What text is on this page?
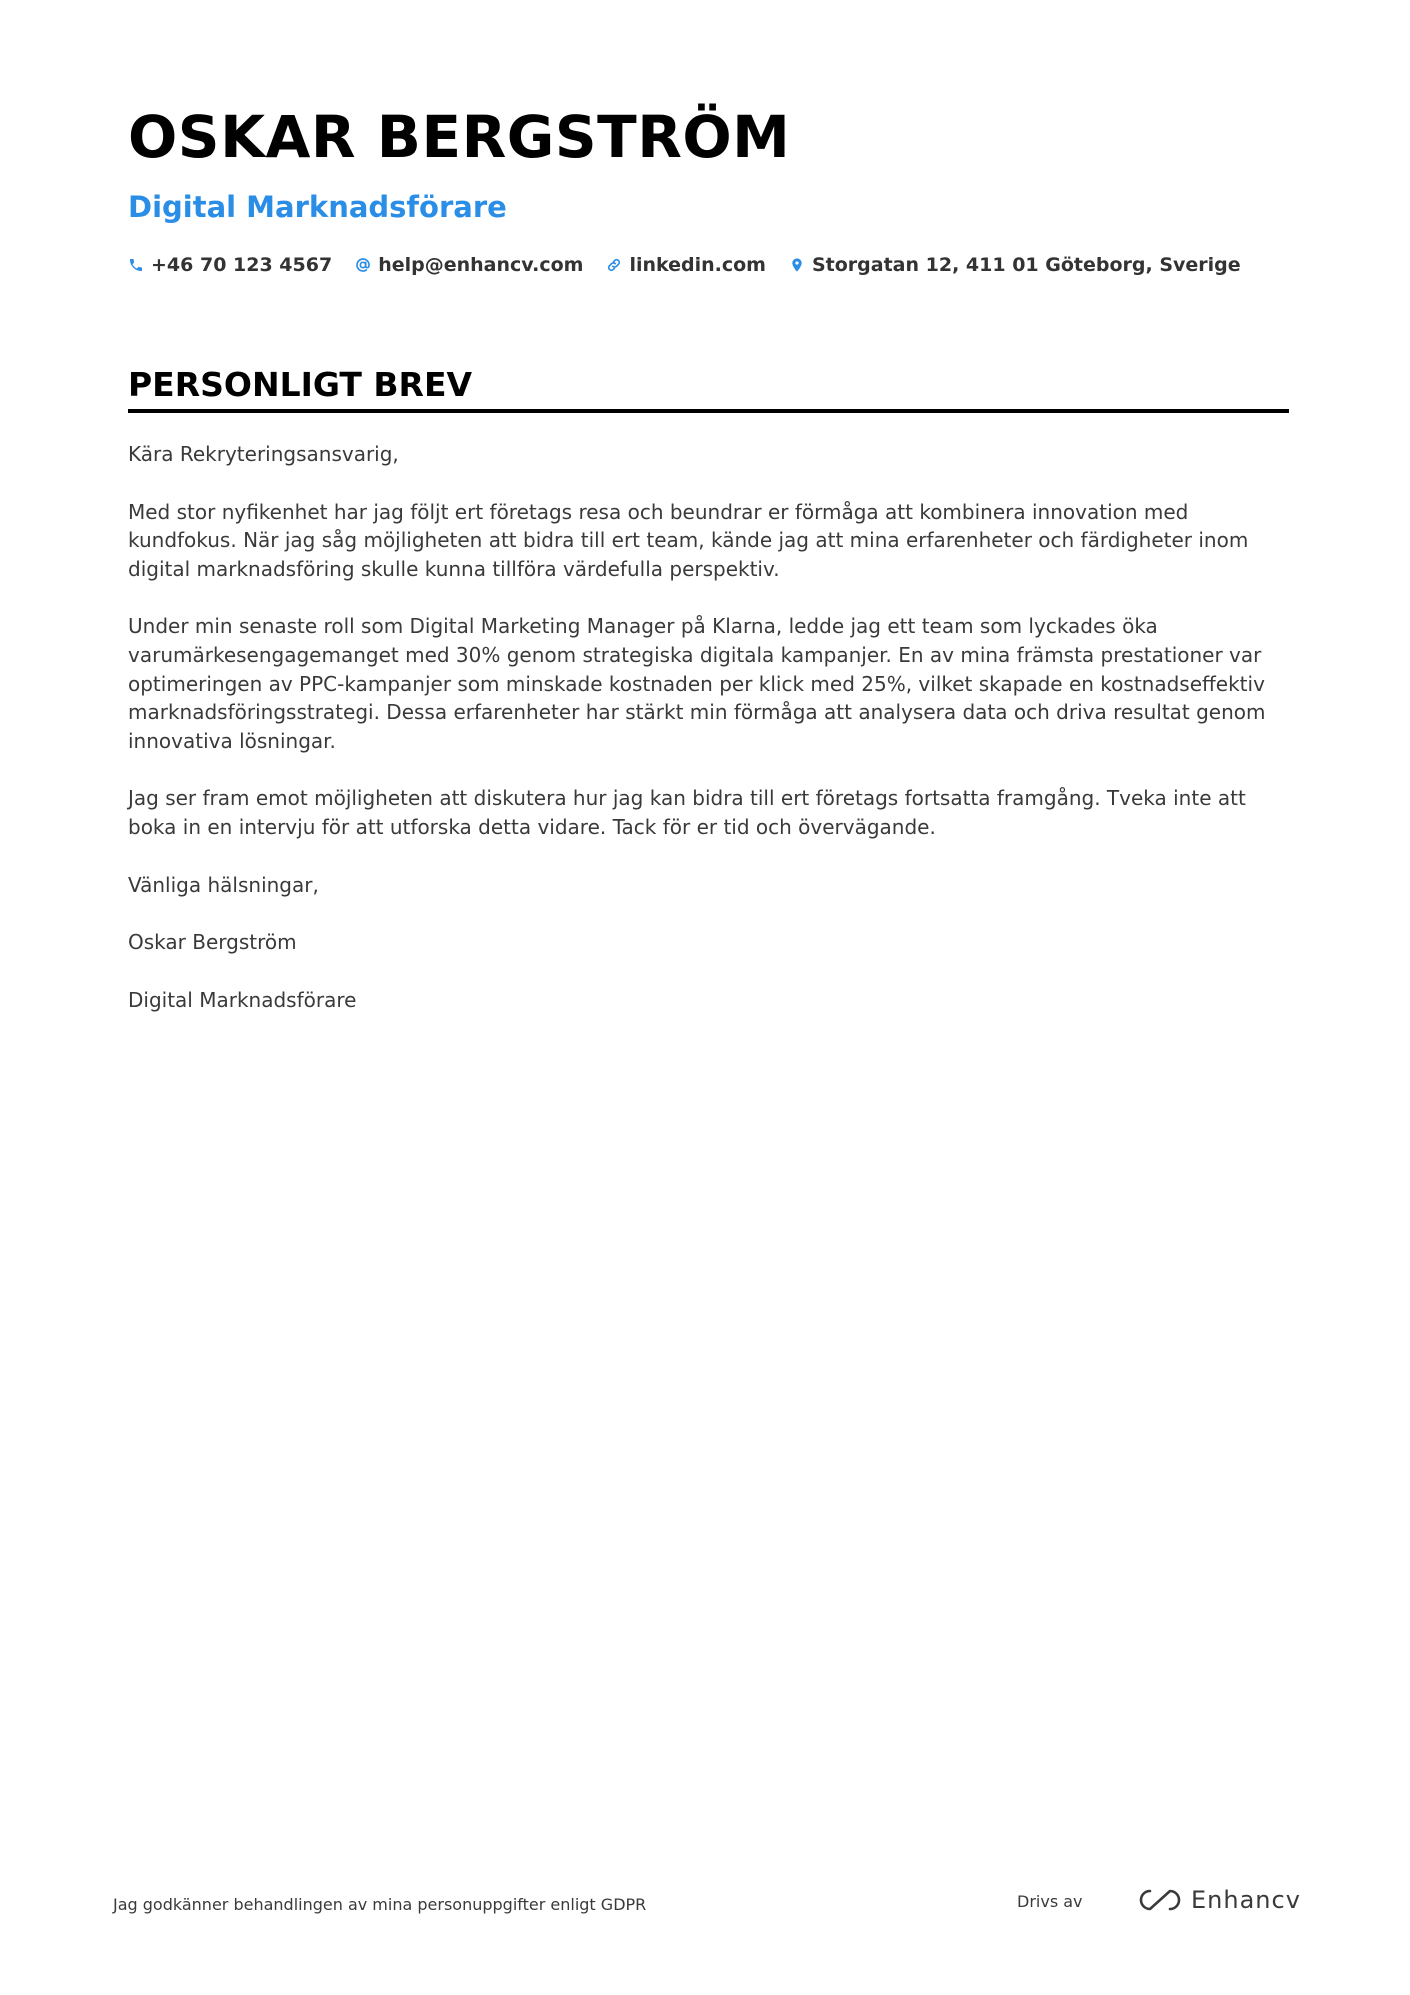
OSKAR BERGSTRÖM
Digital Marknadsförare
+46 70 123 4567 help@enhancv.com linkedin.com Storgatan 12, 411 01 Göteborg, Sverige
PERSONLIGT BREV

Kära Rekryteringsansvarig,

Med stor nyfikenhet har jag följt ert företags resa och beundrar er förmåga att kombinera innovation med kundfokus. När jag såg möjligheten att bidra till ert team, kände jag att mina erfarenheter och färdigheter inom digital marknadsföring skulle kunna tillföra värdefulla perspektiv.

Under min senaste roll som Digital Marketing Manager på Klarna, ledde jag ett team som lyckades öka varumärkesengagemanget med 30% genom strategiska digitala kampanjer. En av mina främsta prestationer var optimeringen av PPC-kampanjer som minskade kostnaden per klick med 25%, vilket skapade en kostnadseffektiv marknadsföringsstrategi. Dessa erfarenheter har stärkt min förmåga att analysera data och driva resultat genom innovativa lösningar.

Jag ser fram emot möjligheten att diskutera hur jag kan bidra till ert företags fortsatta framgång. Tveka inte att boka in en intervju för att utforska detta vidare. Tack för er tid och övervägande.

Vänliga hälsningar,

Oskar Bergström

Digital Marknadsförare

Jag godkänner behandlingen av mina personuppgifter enligt GDPR	Drivs av	Enhancv
